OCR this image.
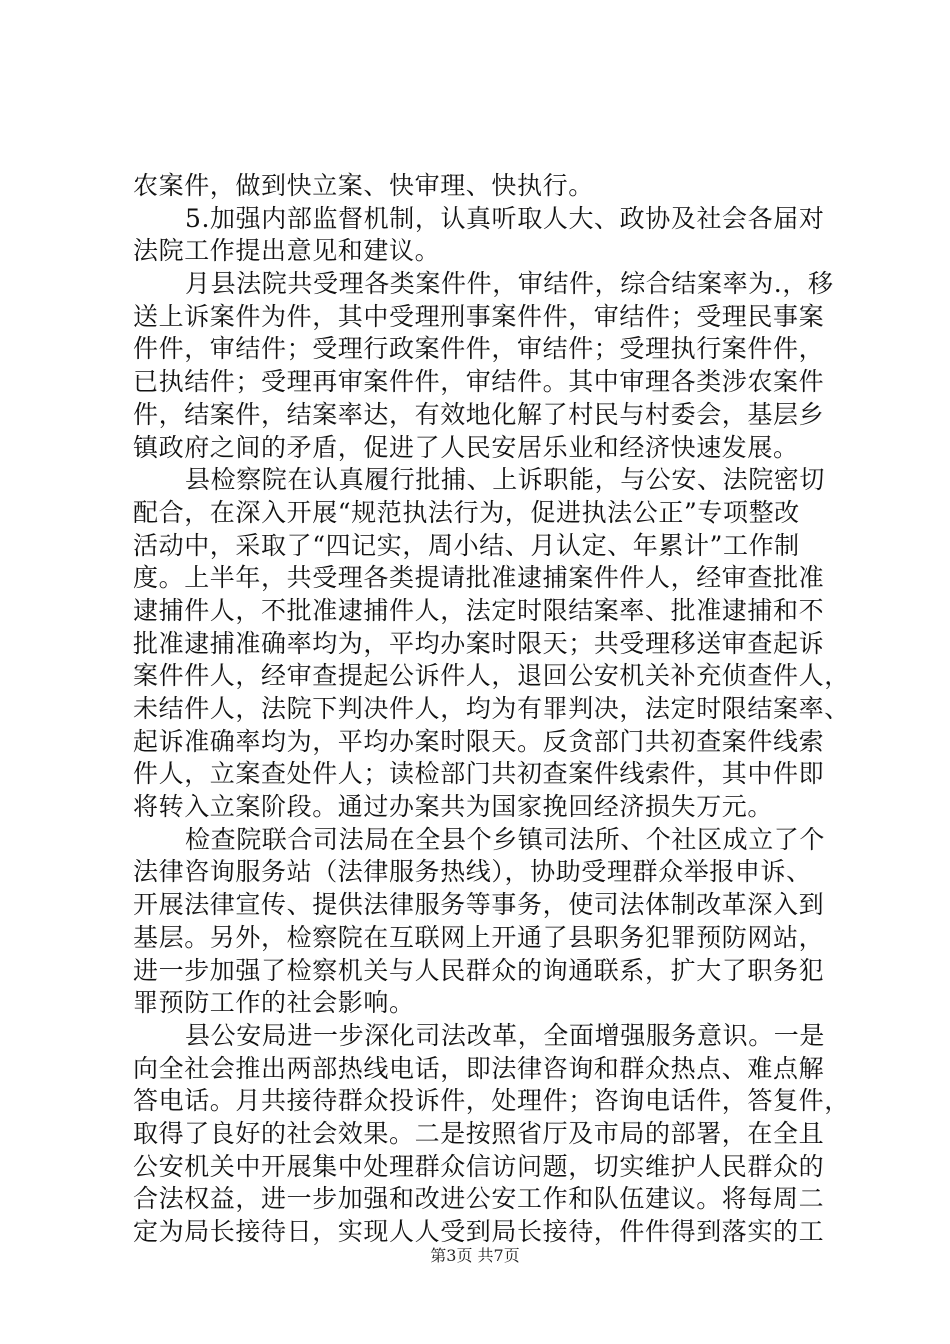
农案件，做到快立案、快审理、快执行。
5.加强内部监督机制，认真听取人大、政协及社会各届对
法院工作提出意见和建议。
月县法院共受理各类案件件，审结件，综合结案率为.，移
送上诉案件为件，其中受理刑事案件件，审结件；受理民事案
件件，审结件；受理行政案件件，审结件；受理执行案件件，
已执结件；受理再审案件件，审结件。其中审理各类涉农案件
件，结案件，结案率达，有效地化解了村民与村委会，基层乡
镇政府之间的矛盾，促进了人民安居乐业和经济快速发展。
县检察院在认真履行批捕、上诉职能，与公安、法院密切
配合，在深入开展“规范执法行为，促进执法公正”专项整改
活动中，采取了“四记实，周小结、月认定、年累计”工作制
度。上半年，共受理各类提请批准逮捕案件件人，经审查批准
逮捕件人，不批准逮捕件人，法定时限结案率、批准逮捕和不
批准逮捕准确率均为，平均办案时限天；共受理移送审查起诉
案件件人，经审查提起公诉件人，退回公安机关补充侦查件人，
未结件人，法院下判决件人，均为有罪判决，法定时限结案率、
起诉准确率均为，平均办案时限天。反贪部门共初查案件线索
件人，立案查处件人；读检部门共初查案件线索件，其中件即
将转入立案阶段。通过办案共为国家挽回经济损失万元。
检查院联合司法局在全县个乡镇司法所、个社区成立了个
法律咨询服务站（法律服务热线），协助受理群众举报申诉、
开展法律宣传、提供法律服务等事务，使司法体制改革深入到
基层。另外，检察院在互联网上开通了县职务犯罪预防网站，
进一步加强了检察机关与人民群众的询通联系，扩大了职务犯
罪预防工作的社会影响。
县公安局进一步深化司法改革，全面增强服务意识。一是
向全社会推出两部热线电话，即法律咨询和群众热点、难点解
答电话。月共接待群众投诉件，处理件；咨询电话件，答复件，
取得了良好的社会效果。二是按照省厅及市局的部署，在全且
公安机关中开展集中处理群众信访问题，切实维护人民群众的
合法权益，进一步加强和改进公安工作和队伍建议。将每周二
定为局长接待日，实现人人受到局长接待，件件得到落实的工
第3页 共7页
